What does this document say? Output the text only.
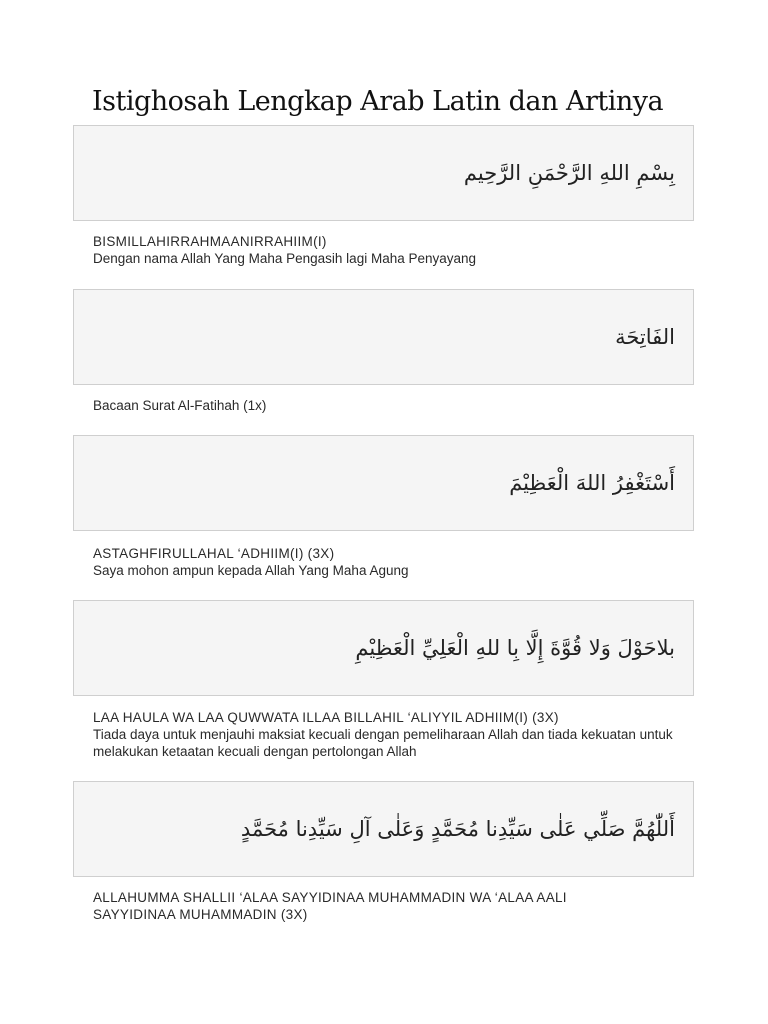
Istighosah Lengkap Arab Latin dan Artinya
بِسْمِ اللهِ الرَّحْمَنِ الرَّحِيم
BISMILLAHIRRAHMAANIRRAHIIM(I)
Dengan nama Allah Yang Maha Pengasih lagi Maha Penyayang
الفَاتِحَة
Bacaan Surat Al-Fatihah (1x)
أَسْتَغْفِرُ اللهَ الْعَظِيْمَ
ASTAGHFIRULLAHAL ‘ADHIIM(I) (3X)
Saya mohon ampun kepada Allah Yang Maha Agung
بلاحَوْلَ وَلا قُوَّةَ إِلَّا بِا للهِ الْعَلِيِّ الْعَظِيْمِ
LAA HAULA WA LAA QUWWATA ILLAA BILLAHIL ‘ALIYYIL ADHIIM(I) (3X)
Tiada daya untuk menjauhi maksiat kecuali dengan pemeliharaan Allah dan tiada kekuatan untuk melakukan ketaatan kecuali dengan pertolongan Allah
أَللّٰهُمَّ صَلِّي عَلٰى سَيِّدِنا مُحَمَّدٍ وَعَلٰى آلِ سَيِّدِنا مُحَمَّدٍ
ALLAHUMMA SHALLII ‘ALAA SAYYIDINAA MUHAMMADIN WA ‘ALAA AALI SAYYIDINAA MUHAMMADIN (3X)
